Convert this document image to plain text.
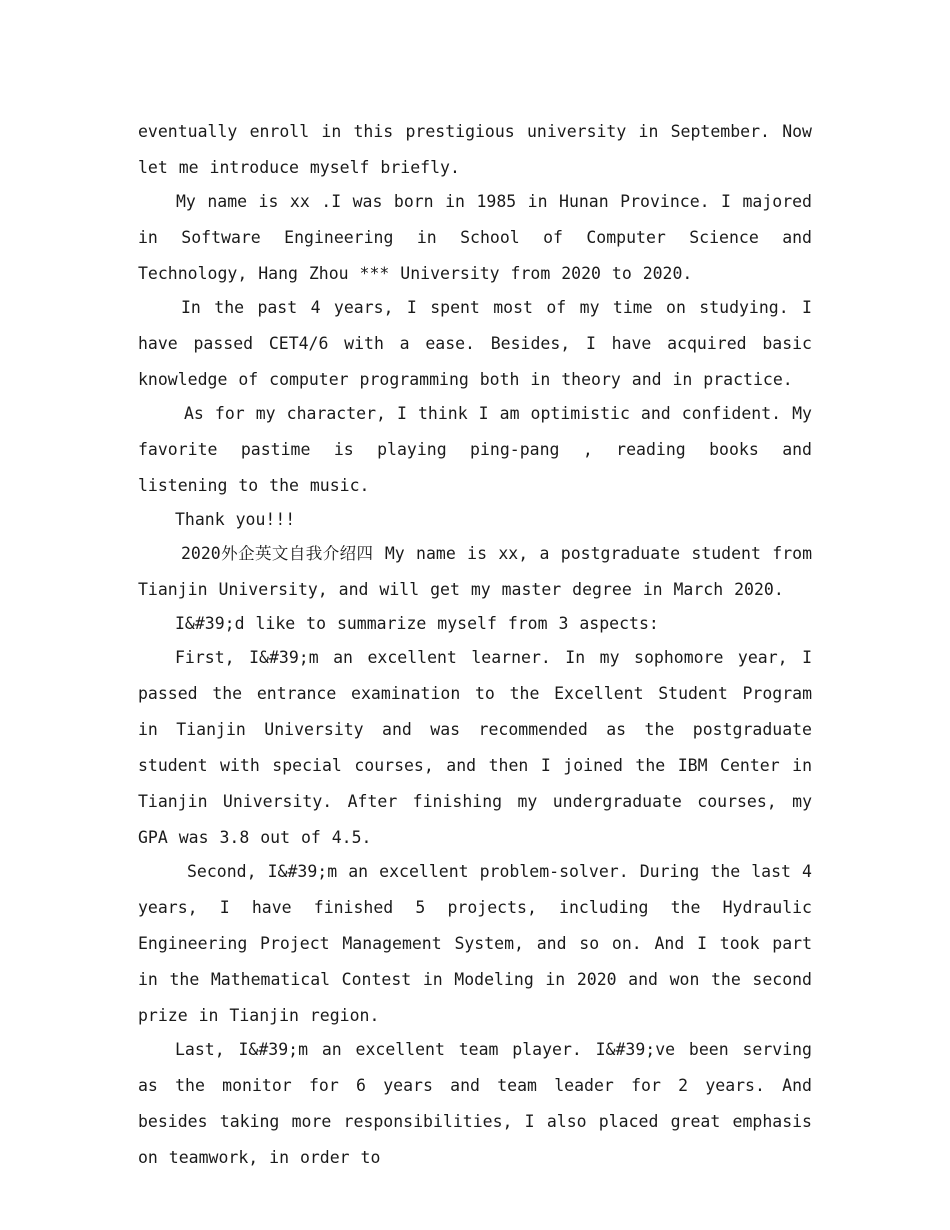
eventually enroll in this prestigious university in September. Now let me introduce myself briefly.

My name is xx .I was born in 1985 in Hunan Province. I majored in Software Engineering in School of Computer Science and Technology, Hang Zhou *** University from 2020 to 2020.

In the past 4 years, I spent most of my time on studying. I have passed CET4/6 with a ease. Besides, I have acquired basic knowledge of computer programming both in theory and in practice.

As for my character, I think I am optimistic and confident. My favorite pastime is playing ping-pang , reading books and listening to the music.

Thank you!!!

2020外企英文自我介绍四 My name is xx, a postgraduate student from Tianjin University, and will get my master degree in March 2020.

I&#39;d like to summarize myself from 3 aspects:

First, I&#39;m an excellent learner. In my sophomore year, I passed the entrance examination to the Excellent Student Program in Tianjin University and was recommended as the postgraduate student with special courses, and then I joined the IBM Center in Tianjin University. After finishing my undergraduate courses, my GPA was 3.8 out of 4.5.

Second, I&#39;m an excellent problem-solver. During the last 4 years, I have finished 5 projects, including the Hydraulic Engineering Project Management System, and so on. And I took part in the Mathematical Contest in Modeling in 2020 and won the second prize in Tianjin region.

Last, I&#39;m an excellent team player. I&#39;ve been serving as the monitor for 6 years and team leader for 2 years. And besides taking more responsibilities, I also placed great emphasis on teamwork, in order to
